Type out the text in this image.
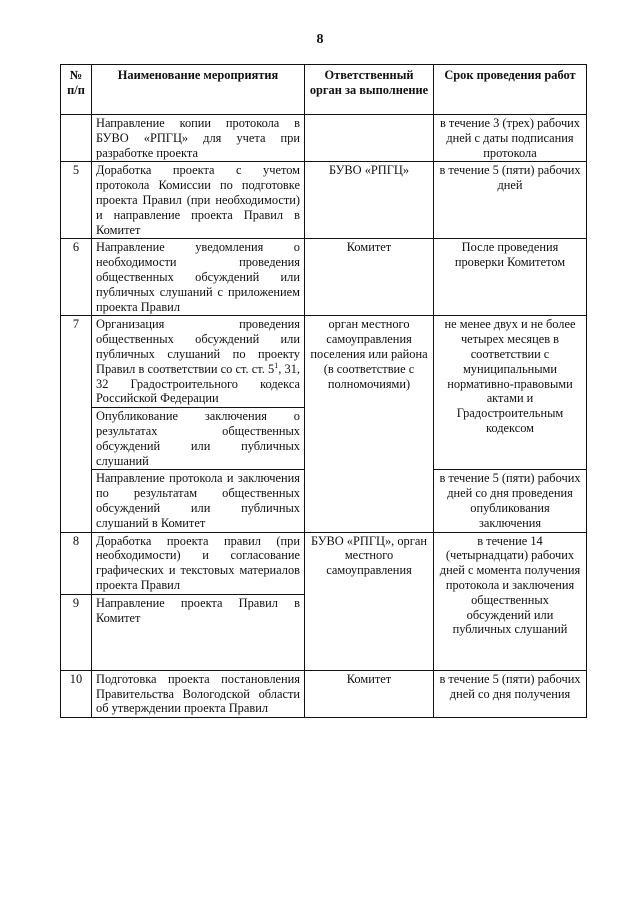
8
№ п/п	Наименование мероприятия	Ответственный орган за выполнение	Срок проведения работ
	Направление копии протокола в БУВО «РПГЦ» для учета при разработке проекта		в течение 3 (трех) рабочих дней с даты подписания протокола
5	Доработка проекта с учетом протокола Комиссии по подготовке проекта Правил (при необходимости) и направление проекта Правил в Комитет	БУВО «РПГЦ»	в течение 5 (пяти) рабочих дней
6	Направление уведомления о необходимости проведения общественных обсуждений или публичных слушаний с приложением проекта Правил	Комитет	После проведения проверки Комитетом
7	Организация проведения общественных обсуждений или публичных слушаний по проекту Правил в соответствии со ст. ст. $5^1$, 31, 32 Градостроительного кодекса Российской Федерации	орган местного самоуправления поселения или района (в соответствие с полномочиями)	не менее двух и не более четырех месяцев в соответствии с муниципальными нормативно-правовыми актами и Градостроительным кодексом
	Опубликование заключения о результатах общественных обсуждений или публичных слушаний		
	Направление протокола и заключения по результатам общественных обсуждений или публичных слушаний в Комитет		в течение 5 (пяти) рабочих дней со дня проведения опубликования заключения
8	Доработка проекта правил (при необходимости) и согласование графических и текстовых материалов проекта Правил	БУВО «РПГЦ», орган местного самоуправления	в течение 14 (четырнадцати) рабочих дней с момента получения протокола и заключения общественных обсуждений или публичных слушаний
9	Направление проекта Правил в Комитет		
10	Подготовка проекта постановления Правительства Вологодской области об утверждении проекта Правил	Комитет	в течение 5 (пяти) рабочих дней со дня получения
